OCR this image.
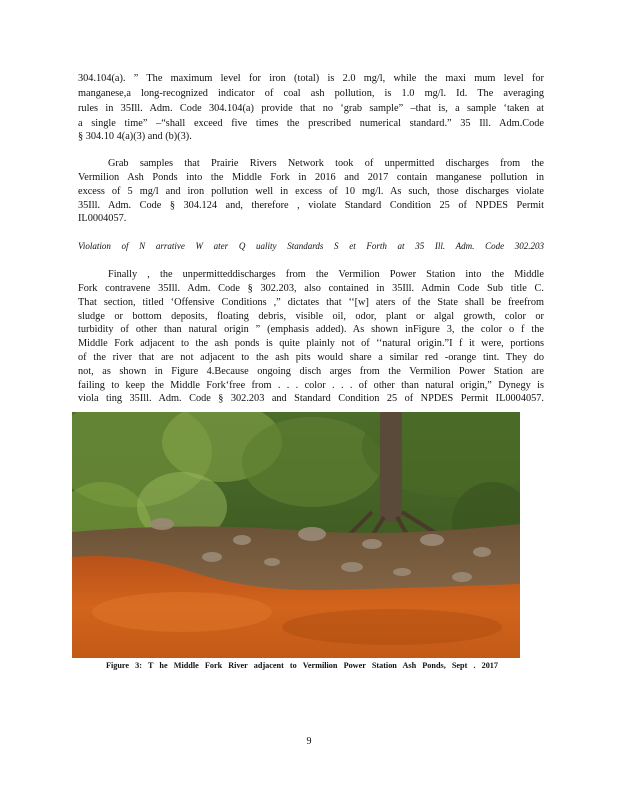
304.104(a). ” The maximum level for iron (total) is 2.0 mg/l, while the maxi mum level for
manganese,a long-recognized indicator of coal ash pollution, is 1.0 mg/l. Id. The averaging
rules in 35Ill. Adm. Code 304.104(a) provide that no ‘grab sample” –that is, a sample ‘taken at
a single time” –“shall exceed five times the prescribed numerical standard.” 35 Ill. Adm.Code
§ 304.10 4(a)(3) and (b)(3).
Grab samples that Prairie Rivers Network took of unpermitted discharges from the
Vermilion Ash Ponds into the Middle Fork in 2016 and 2017 contain manganese pollution in
excess of 5 mg/l and iron pollution well in excess of 10 mg/l. As such, those discharges violate
35Ill. Adm. Code § 304.124 and, therefore , violate Standard Condition 25 of NPDES Permit
IL0004057.
Violation of N arrative W ater Q uality Standards S et Forth at 35 Ill. Adm. Code 302.203
Finally , the unpermitteddischarges from the Vermilion Power Station into the Middle
Fork contravene 35Ill. Adm. Code § 302.203, also contained in 35Ill. Admin Code Sub title C.
That section, titled ‘Offensive Conditions ,” dictates that ‘‘[w] aters of the State shall be freefrom
sludge or bottom deposits, floating debris, visible oil, odor, plant or algal growth, color or
turbidity of other than natural origin ” (emphasis added). As shown inFigure 3, the color o f the
Middle Fork adjacent to the ash ponds is quite plainly not of ‘‘natural origin.”I f it were, portions
of the river that are not adjacent to the ash pits would share a similar red -orange tint. They do
not, as shown in Figure 4.Because ongoing disch arges from the Vermilion Power Station are
failing to keep the Middle Fork‘free from . . . color . . . of other than natural origin,” Dynegy is
viola ting 35Ill. Adm. Code § 302.203 and Standard Condition 25 of NPDES Permit IL0004057.
Figure 3: T he Middle Fork River adjacent to Vermilion Power Station Ash Ponds, Sept . 2017
9
